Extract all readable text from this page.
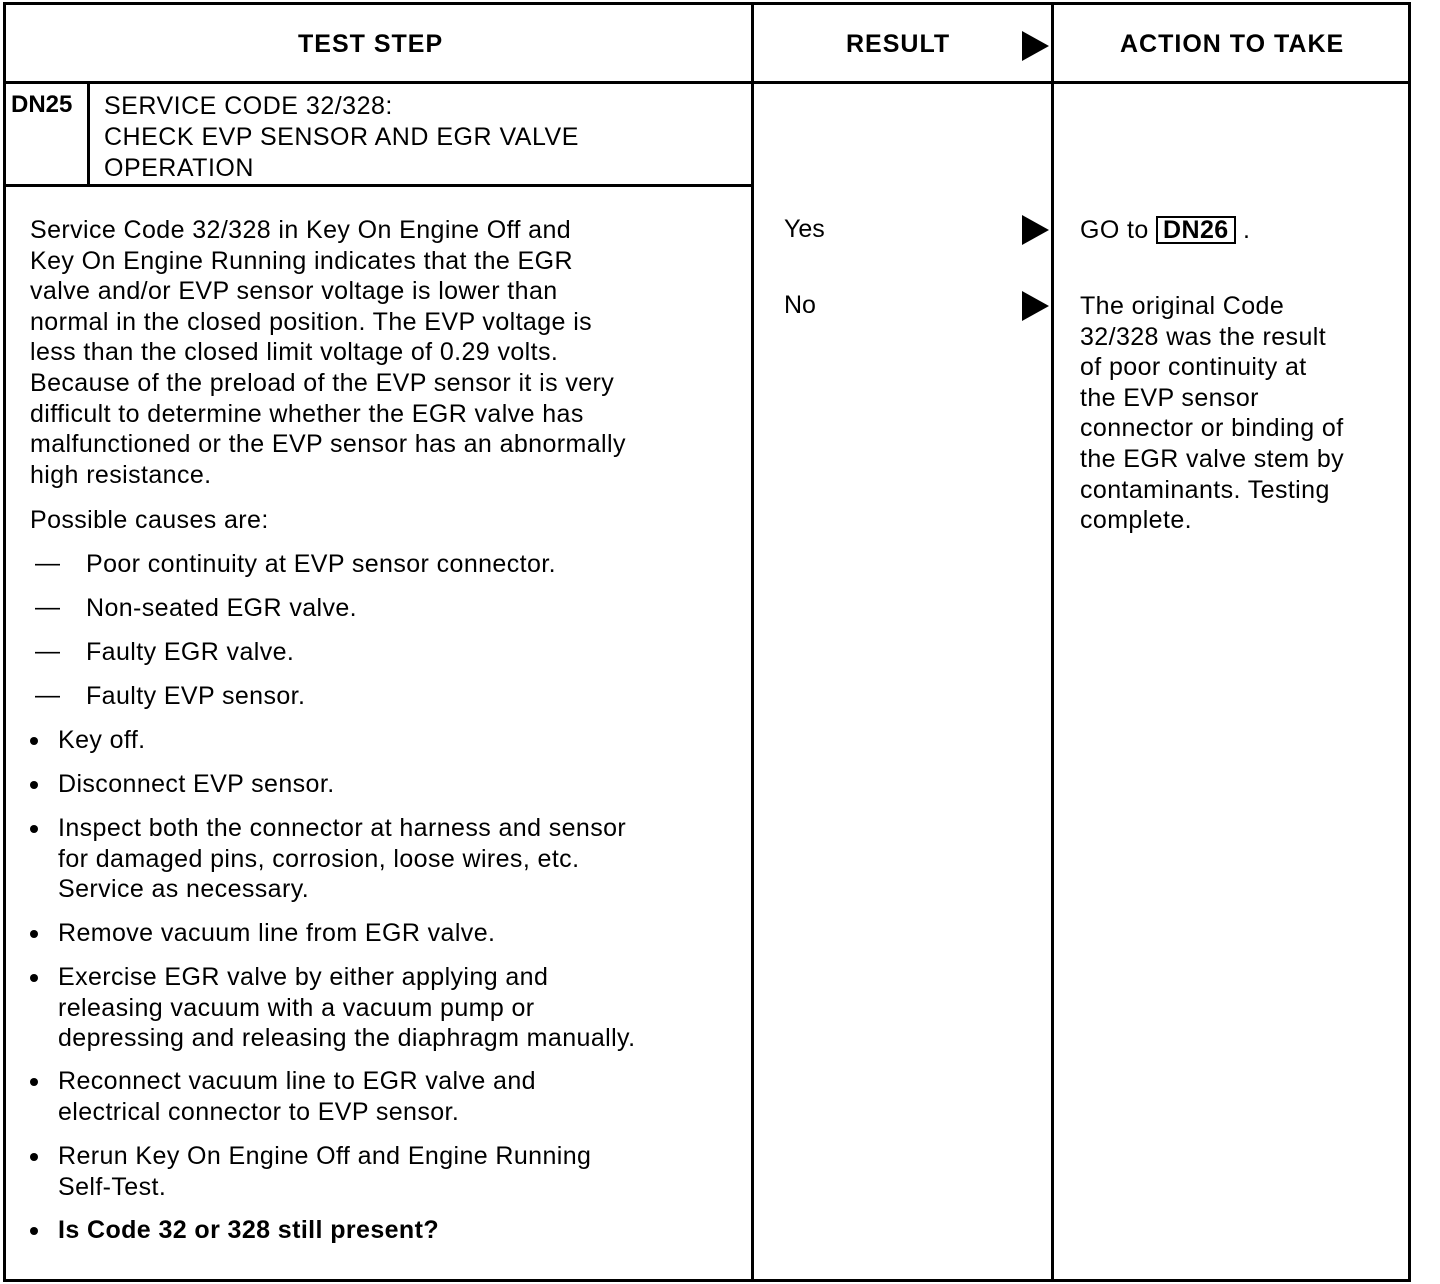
TEST STEP	RESULT	ACTION TO TAKE
DN25 SERVICE CODE 32/328:
CHECK EVP SENSOR AND EGR VALVE
OPERATION
Service Code 32/328 in Key On Engine Off and
Key On Engine Running indicates that the EGR
valve and/or EVP sensor voltage is lower than
normal in the closed position. The EVP voltage is
less than the closed limit voltage of 0.29 volts.
Because of the preload of the EVP sensor it is very
difficult to determine whether the EGR valve has
malfunctioned or the EVP sensor has an abnormally
high resistance.
Possible causes are:
— Poor continuity at EVP sensor connector.
— Non-seated EGR valve.
— Faulty EGR valve.
— Faulty EVP sensor.
Key off.
Disconnect EVP sensor.
Inspect both the connector at harness and sensor
for damaged pins, corrosion, loose wires, etc.
Service as necessary.
Remove vacuum line from EGR valve.
Exercise EGR valve by either applying and
releasing vacuum with a vacuum pump or
depressing and releasing the diaphragm manually.
Reconnect vacuum line to EGR valve and
electrical connector to EVP sensor.
Rerun Key On Engine Off and Engine Running
Self-Test.
Is Code 32 or 328 still present?
Yes
No
GO to DN26 .
The original Code
32/328 was the result
of poor continuity at
the EVP sensor
connector or binding of
the EGR valve stem by
contaminants. Testing
complete.
